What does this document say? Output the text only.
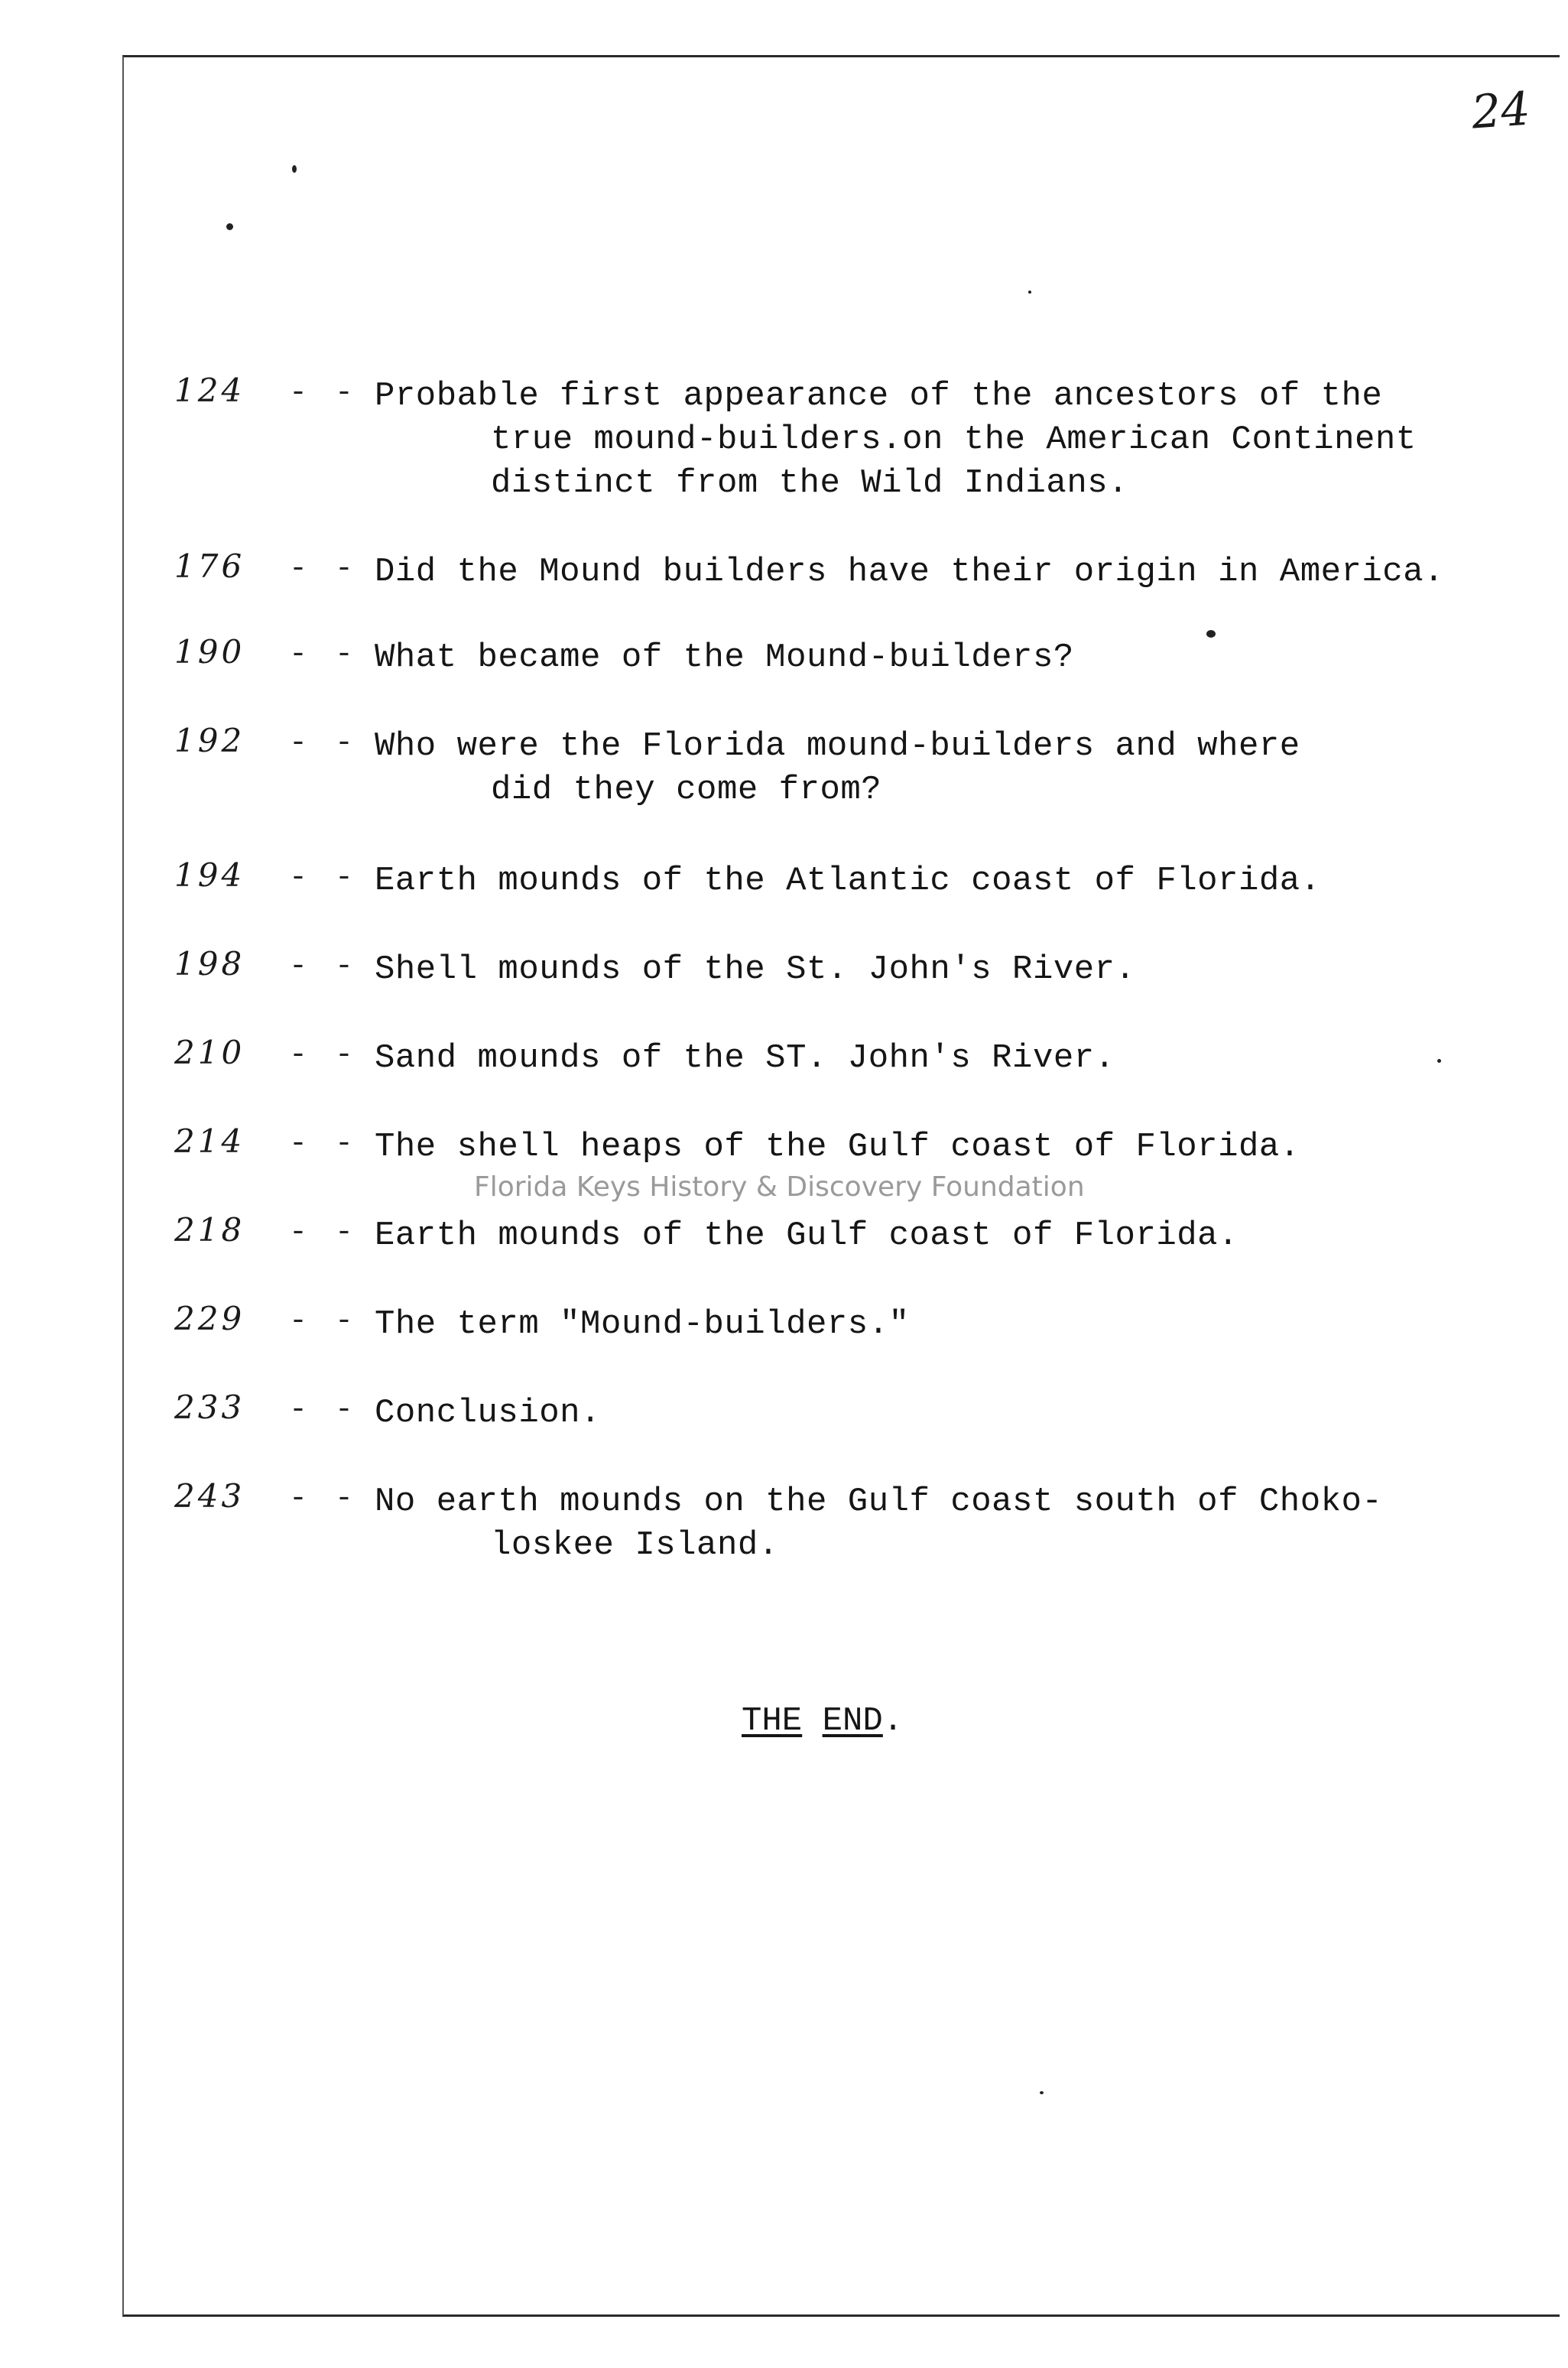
24
Florida Keys History & Discovery Foundation
124 - - Probable first appearance of the ancestors of the
true mound-builders.on the American Continent
distinct from the Wild Indians.
176 - - Did the Mound builders have their origin in America.
190 - - What became of the Mound-builders?
192 - - Who were the Florida mound-builders and where
did they come from?
194 - - Earth mounds of the Atlantic coast of Florida.
198 - - Shell mounds of the St. John's River.
210 - - Sand mounds of the ST. John's River.
214 - - The shell heaps of the Gulf coast of Florida.
218 - - Earth mounds of the Gulf coast of Florida.
229 - - The term "Mound-builders."
233 - - Conclusion.
243 - - No earth mounds on the Gulf coast south of Choko-
loskee Island.
THE END.
